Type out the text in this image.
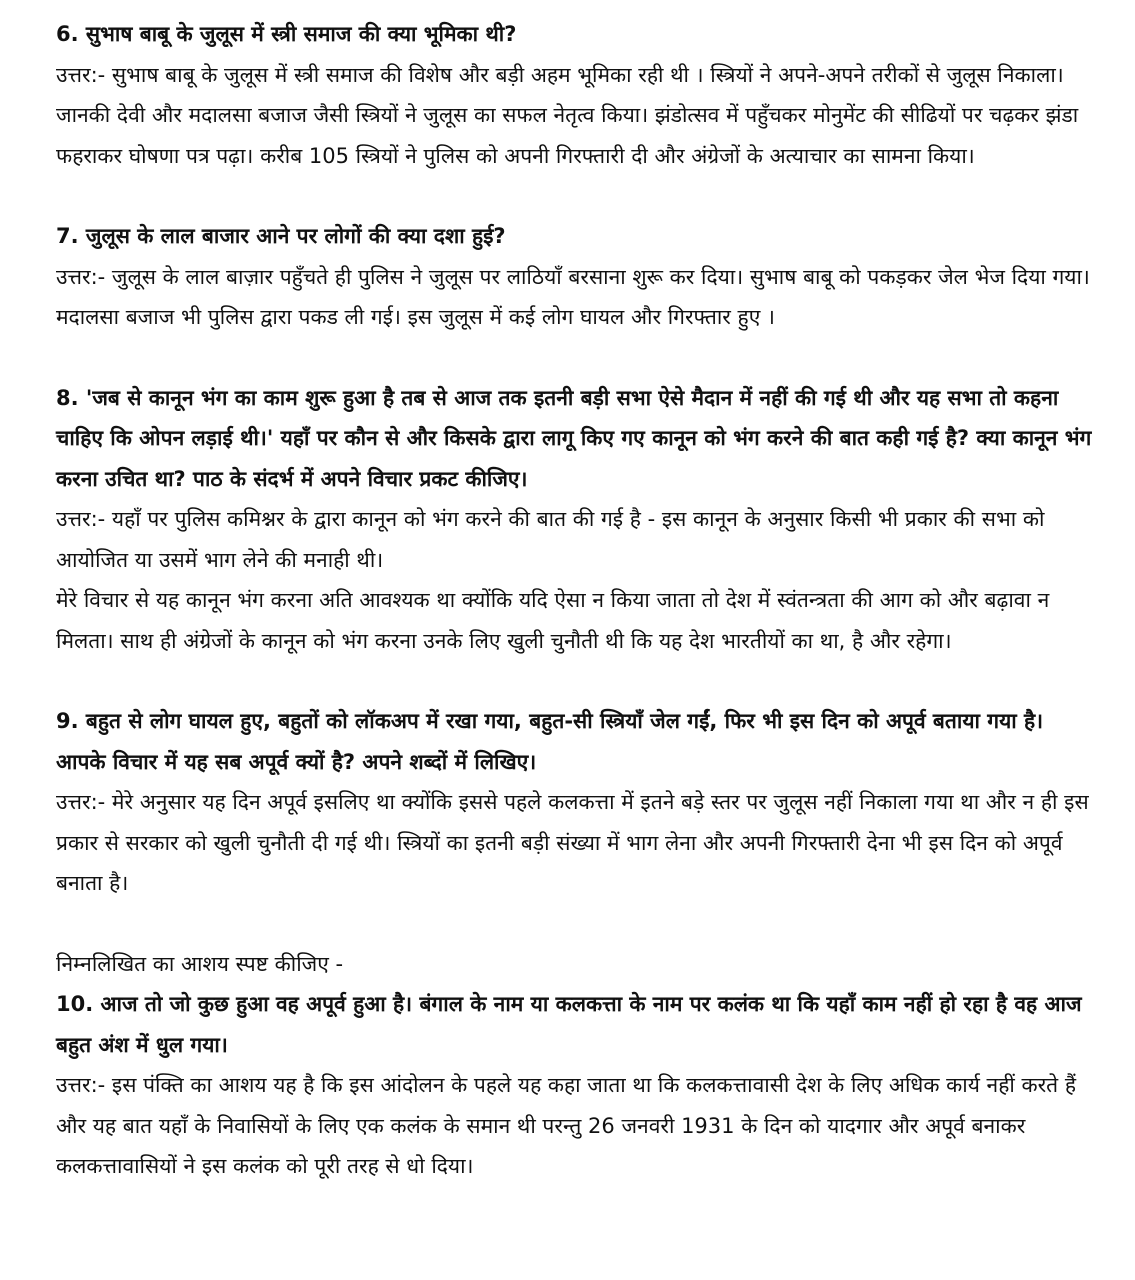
6. सुभाष बाबू के जुलूस में स्त्री समाज की क्या भूमिका थी?

उत्तर:- सुभाष बाबू के जुलूस में स्त्री समाज की विशेष और बड़ी अहम भूमिका रही थी । स्त्रियों ने अपने-अपने तरीकों से जुलूस निकाला। जानकी देवी और मदालसा बजाज जैसी स्त्रियों ने जुलूस का सफल नेतृत्व किया। झंडोत्सव में पहुँचकर मोनुमेंट की सीढियों पर चढ़कर झंडा फहराकर घोषणा पत्र पढ़ा। करीब 105 स्त्रियों ने पुलिस को अपनी गिरफ्तारी दी और अंग्रेजों के अत्याचार का सामना किया।

7. जुलूस के लाल बाजार आने पर लोगों की क्या दशा हुई?

उत्तर:- जुलूस के लाल बाज़ार पहुँचते ही पुलिस ने जुलूस पर लाठियाँ बरसाना शुरू कर दिया। सुभाष बाबू को पकड़कर जेल भेज दिया गया। मदालसा बजाज भी पुलिस द्वारा पकड ली गई। इस जुलूस में कई लोग घायल और गिरफ्तार हुए ।

8. 'जब से कानून भंग का काम शुरू हुआ है तब से आज तक इतनी बड़ी सभा ऐसे मैदान में नहीं की गई थी और यह सभा तो कहना चाहिए कि ओपन लड़ाई थी।' यहाँ पर कौन से और किसके द्वारा लागू किए गए कानून को भंग करने की बात कही गई है? क्या कानून भंग करना उचित था? पाठ के संदर्भ में अपने विचार प्रकट कीजिए।

उत्तर:- यहाँ पर पुलिस कमिश्नर के द्वारा कानून को भंग करने की बात की गई है - इस कानून के अनुसार किसी भी प्रकार की सभा को आयोजित या उसमें भाग लेने की मनाही थी।

मेरे विचार से यह कानून भंग करना अति आवश्यक था क्योंकि यदि ऐसा न किया जाता तो देश में स्वंतन्त्रता की आग को और बढ़ावा न मिलता। साथ ही अंग्रेजों के कानून को भंग करना उनके लिए खुली चुनौती थी कि यह देश भारतीयों का था, है और रहेगा।

9. बहुत से लोग घायल हुए, बहुतों को लॉकअप में रखा गया, बहुत-सी स्त्रियाँ जेल गईं, फिर भी इस दिन को अपूर्व बताया गया है। आपके विचार में यह सब अपूर्व क्यों है? अपने शब्दों में लिखिए।

उत्तर:- मेरे अनुसार यह दिन अपूर्व इसलिए था क्योंकि इससे पहले कलकत्ता में इतने बड़े स्तर पर जुलूस नहीं निकाला गया था और न ही इस प्रकार से सरकार को खुली चुनौती दी गई थी। स्त्रियों का इतनी बड़ी संख्या में भाग लेना और अपनी गिरफ्तारी देना भी इस दिन को अपूर्व बनाता है।

निम्नलिखित का आशय स्पष्ट कीजिए -

10. आज तो जो कुछ हुआ वह अपूर्व हुआ है। बंगाल के नाम या कलकत्ता के नाम पर कलंक था कि यहाँ काम नहीं हो रहा है वह आज बहुत अंश में धुल गया।

उत्तर:- इस पंक्ति का आशय यह है कि इस आंदोलन के पहले यह कहा जाता था कि कलकत्तावासी देश के लिए अधिक कार्य नहीं करते हैं और यह बात यहाँ के निवासियों के लिए एक कलंक के समान थी परन्तु 26 जनवरी 1931 के दिन को यादगार और अपूर्व बनाकर कलकत्तावासियों ने इस कलंक को पूरी तरह से धो दिया।
